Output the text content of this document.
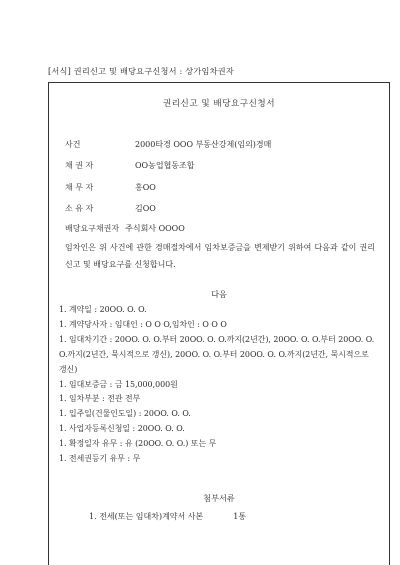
[서식] 권리신고 및 배당요구신청서 : 상가임차권자
권리신고 및 배당요구신청서
사건	2000타경 OOO 부동산강제(임의)경매
채 권 자	OO농업협동조합
채 무 자	홍OO
소 유 자	김OO
배당요구채권자 주식회사 OOOO
임차인은 위 사건에 관한 경매절차에서 임차보증금을 변제받기 위하여 다음과 같이 권리신고 및 배당요구를 신청합니다.
다음
1. 계약일 : 20OO. O. O.
1. 계약당사자 : 임대인 : O O O,임차인 : O O O
1. 임대차기간 : 20OO. O. O.부터 20OO. O. O.까지(2년간), 20OO. O. O.부터 20OO. O. O.까지(2년간, 묵시적으로 갱신), 20OO. O. O.부터 20OO. O. O.까지(2년간, 묵시적으로 갱신)
1. 임대보증금 : 금 15,000,000원
1. 임차부분 : 전관 전부
1. 입주일(건물인도일) : 20OO. O. O.
1. 사업자등록신청일 : 20OO. O. O.
1. 확정일자 유무 : 유 (20OO. O. O.) 또는 무
1. 전세권등기 유무 : 무
첨부서류
1. 전세(또는 임대차)계약서 사본	1통
